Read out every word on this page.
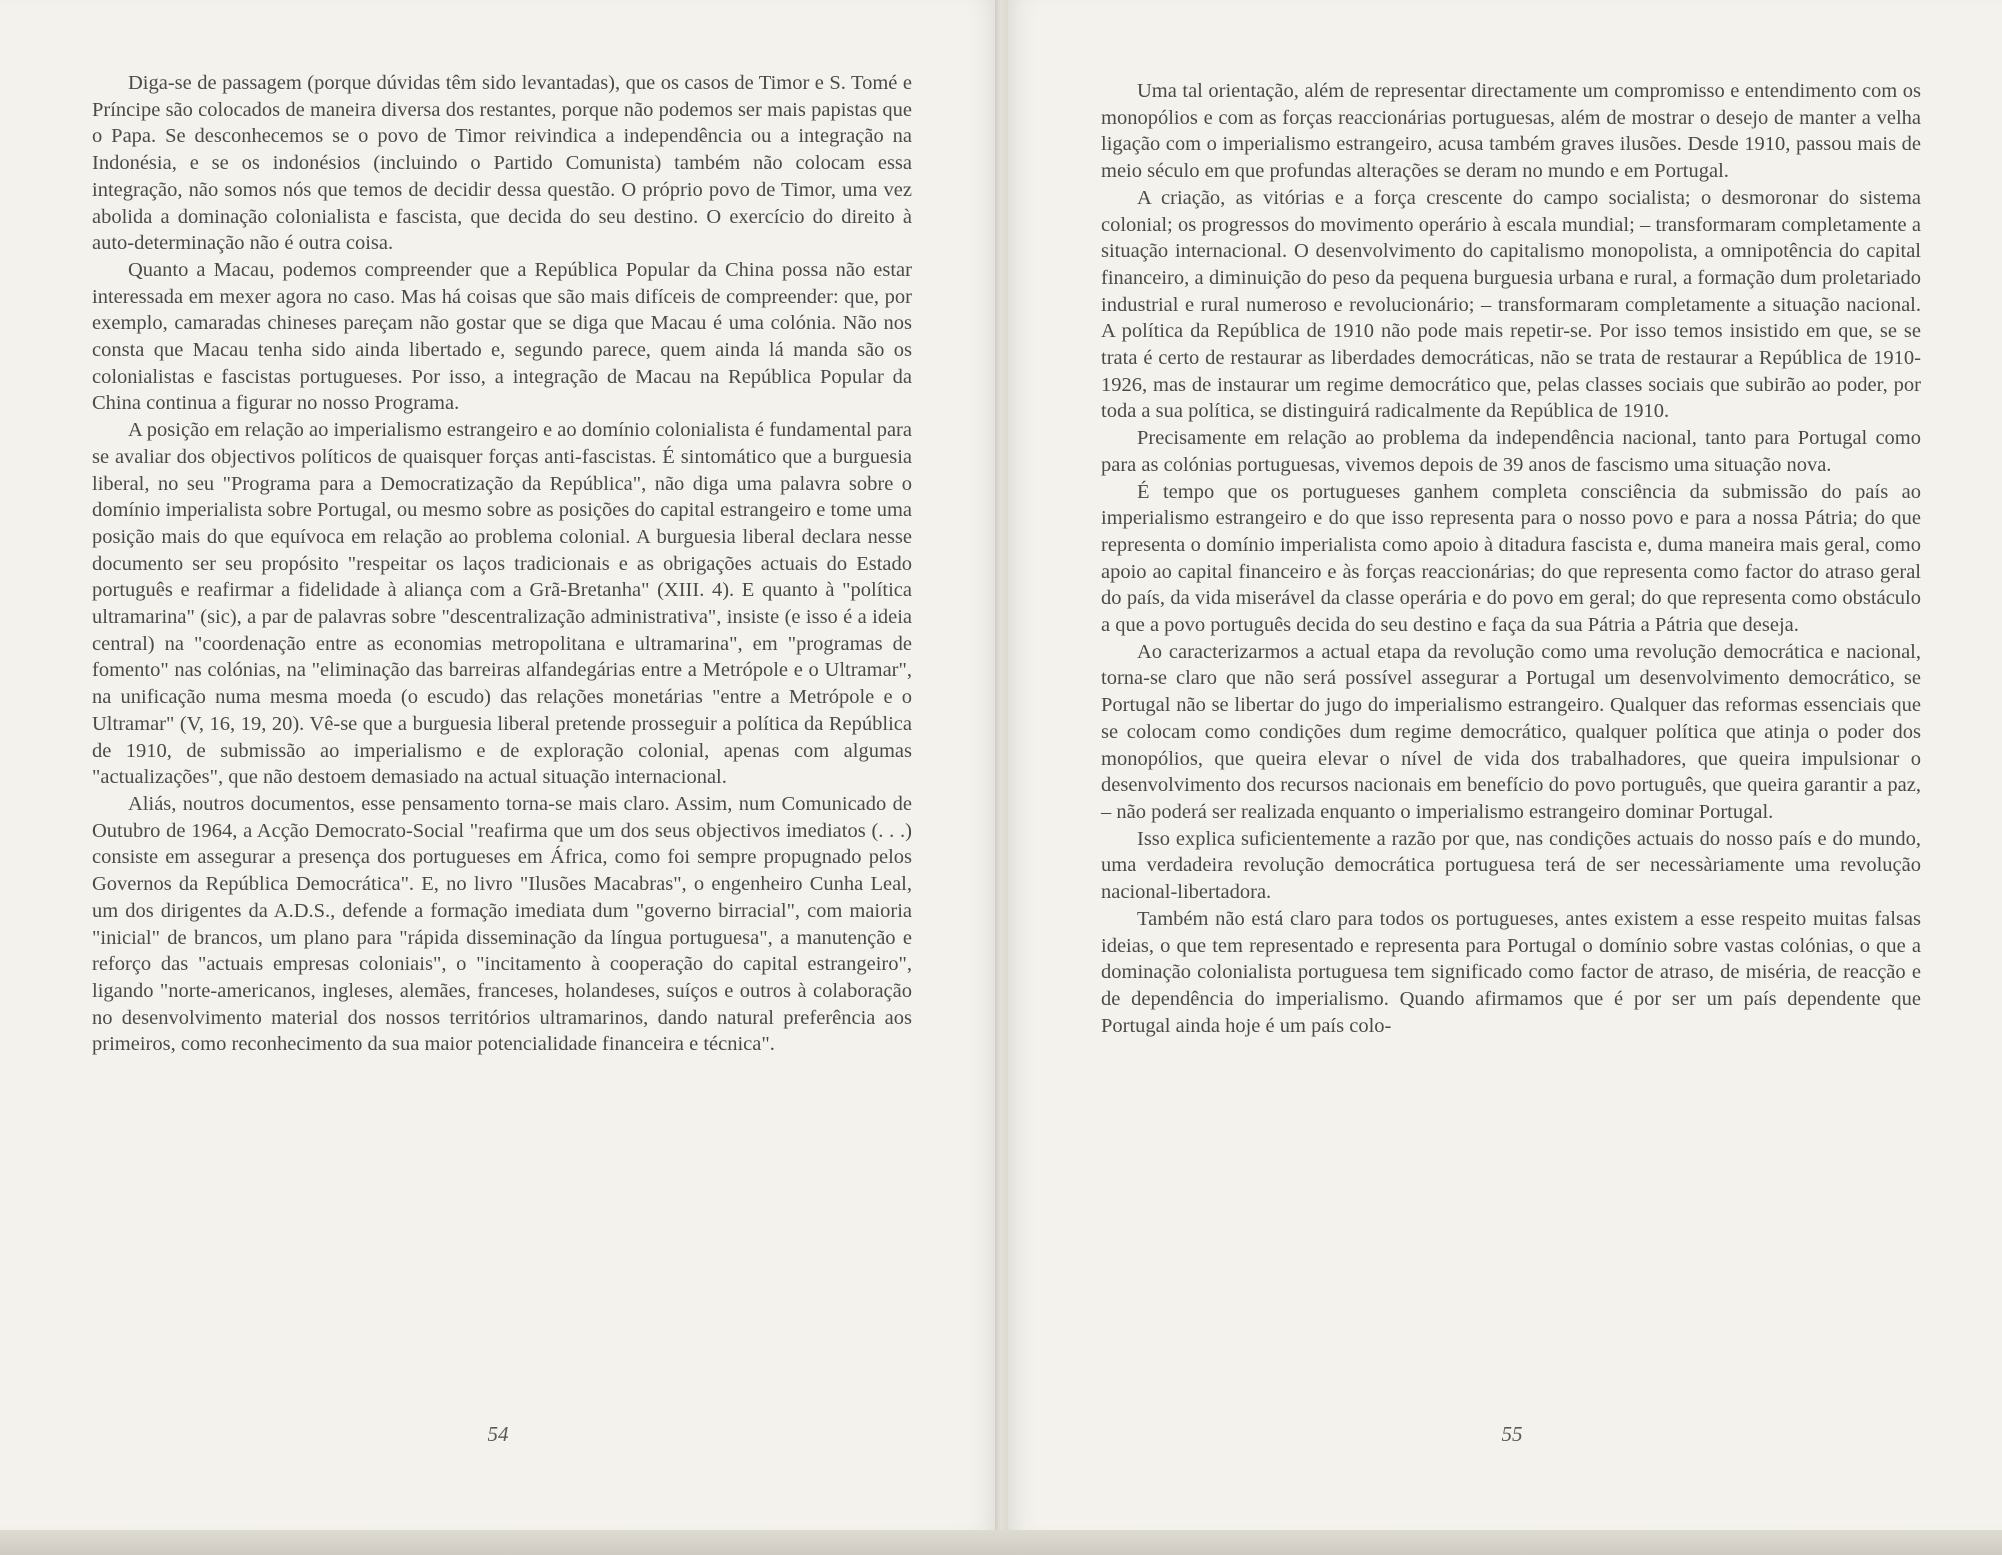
Diga-se de passagem (porque dúvidas têm sido levantadas), que os casos de Timor e S. Tomé e Príncipe são colocados de maneira diversa dos restantes, porque não podemos ser mais papistas que o Papa. Se desconhecemos se o povo de Timor reivindica a independência ou a integração na Indonésia, e se os indonésios (incluindo o Partido Comunista) também não colocam essa integração, não somos nós que temos de decidir dessa questão. O próprio povo de Timor, uma vez abolida a dominação colonialista e fascista, que decida do seu destino. O exercício do direito à auto-determinação não é outra coisa.

Quanto a Macau, podemos compreender que a República Popular da China possa não estar interessada em mexer agora no caso. Mas há coisas que são mais difíceis de compreender: que, por exemplo, camaradas chineses pareçam não gostar que se diga que Macau é uma colónia. Não nos consta que Macau tenha sido ainda libertado e, segundo parece, quem ainda lá manda são os colonialistas e fascistas portugueses. Por isso, a integração de Macau na República Popular da China continua a figurar no nosso Programa.

A posição em relação ao imperialismo estrangeiro e ao domínio colonialista é fundamental para se avaliar dos objectivos políticos de quaisquer forças anti-fascistas. É sintomático que a burguesia liberal, no seu "Programa para a Democratização da República", não diga uma palavra sobre o domínio imperialista sobre Portugal, ou mesmo sobre as posições do capital estrangeiro e tome uma posição mais do que equívoca em relação ao problema colonial. A burguesia liberal declara nesse documento ser seu propósito "respeitar os laços tradicionais e as obrigações actuais do Estado português e reafirmar a fidelidade à aliança com a Grã-Bretanha" (XIII. 4). E quanto à "política ultramarina" (sic), a par de palavras sobre "descentralização administrativa", insiste (e isso é a ideia central) na "coordenação entre as economias metropolitana e ultramarina", em "programas de fomento" nas colónias, na "eliminação das barreiras alfandegárias entre a Metrópole e o Ultramar", na unificação numa mesma moeda (o escudo) das relações monetárias "entre a Metrópole e o Ultramar" (V, 16, 19, 20). Vê-se que a burguesia liberal pretende prosseguir a política da República de 1910, de submissão ao imperialismo e de exploração colonial, apenas com algumas "actualizações", que não destoem demasiado na actual situação internacional.

Aliás, noutros documentos, esse pensamento torna-se mais claro. Assim, num Comunicado de Outubro de 1964, a Acção Democrato-Social "reafirma que um dos seus objectivos imediatos (. . .) consiste em assegurar a presença dos portugueses em África, como foi sempre propugnado pelos Governos da República Democrática". E, no livro "Ilusões Macabras", o engenheiro Cunha Leal, um dos dirigentes da A.D.S., defende a formação imediata dum "governo birracial", com maioria "inicial" de brancos, um plano para "rápida disseminação da língua portuguesa", a manutenção e reforço das "actuais empresas coloniais", o "incitamento à cooperação do capital estrangeiro", ligando "norte-americanos, ingleses, alemães, franceses, holandeses, suíços e outros à colaboração no desenvolvimento material dos nossos territórios ultramarinos, dando natural preferência aos primeiros, como reconhecimento da sua maior potencialidade financeira e técnica".

54

Uma tal orientação, além de representar directamente um compromisso e entendimento com os monopólios e com as forças reaccionárias portuguesas, além de mostrar o desejo de manter a velha ligação com o imperialismo estrangeiro, acusa também graves ilusões. Desde 1910, passou mais de meio século em que profundas alterações se deram no mundo e em Portugal.

A criação, as vitórias e a força crescente do campo socialista; o desmoronar do sistema colonial; os progressos do movimento operário à escala mundial; – transformaram completamente a situação internacional. O desenvolvimento do capitalismo monopolista, a omnipotência do capital financeiro, a diminuição do peso da pequena burguesia urbana e rural, a formação dum proletariado industrial e rural numeroso e revolucionário; – transformaram completamente a situação nacional. A política da República de 1910 não pode mais repetir-se. Por isso temos insistido em que, se se trata é certo de restaurar as liberdades democráticas, não se trata de restaurar a República de 1910-1926, mas de instaurar um regime democrático que, pelas classes sociais que subirão ao poder, por toda a sua política, se distinguirá radicalmente da República de 1910.

Precisamente em relação ao problema da independência nacional, tanto para Portugal como para as colónias portuguesas, vivemos depois de 39 anos de fascismo uma situação nova.

É tempo que os portugueses ganhem completa consciência da submissão do país ao imperialismo estrangeiro e do que isso representa para o nosso povo e para a nossa Pátria; do que representa o domínio imperialista como apoio à ditadura fascista e, duma maneira mais geral, como apoio ao capital financeiro e às forças reaccionárias; do que representa como factor do atraso geral do país, da vida miserável da classe operária e do povo em geral; do que representa como obstáculo a que a povo português decida do seu destino e faça da sua Pátria a Pátria que deseja.

Ao caracterizarmos a actual etapa da revolução como uma revolução democrática e nacional, torna-se claro que não será possível assegurar a Portugal um desenvolvimento democrático, se Portugal não se libertar do jugo do imperialismo estrangeiro. Qualquer das reformas essenciais que se colocam como condições dum regime democrático, qualquer política que atinja o poder dos monopólios, que queira elevar o nível de vida dos trabalhadores, que queira impulsionar o desenvolvimento dos recursos nacionais em benefício do povo português, que queira garantir a paz, – não poderá ser realizada enquanto o imperialismo estrangeiro dominar Portugal.

Isso explica suficientemente a razão por que, nas condições actuais do nosso país e do mundo, uma verdadeira revolução democrática portuguesa terá de ser necessàriamente uma revolução nacional-libertadora.

Também não está claro para todos os portugueses, antes existem a esse respeito muitas falsas ideias, o que tem representado e representa para Portugal o domínio sobre vastas colónias, o que a dominação colonialista portuguesa tem significado como factor de atraso, de miséria, de reacção e de dependência do imperialismo. Quando afirmamos que é por ser um país dependente que Portugal ainda hoje é um país colo-

55
